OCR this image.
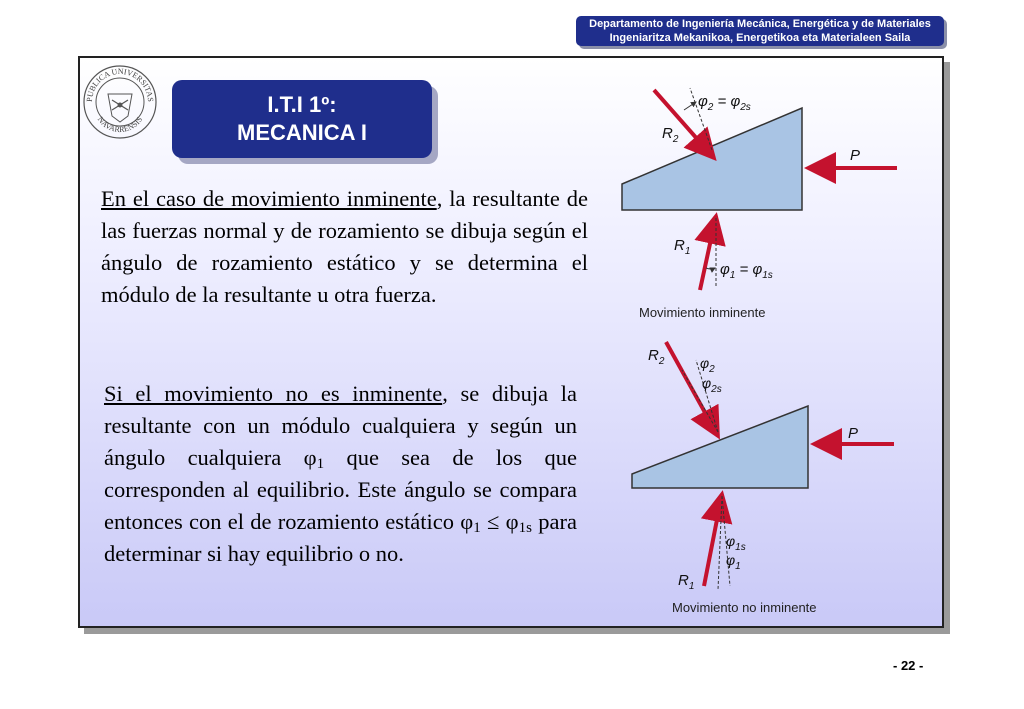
Departamento de Ingeniería Mecánica, Energética y de Materiales
Ingeniaritza Mekanikoa, Energetikoa eta Materialeen Saila
PUBLICA UNIVERSITAS
NAVARRENSIS
I.T.I 1º:
MECANICA I
En el caso de movimiento inminente, la resultante de las fuerzas normal y de rozamiento se dibuja según el ángulo de rozamiento estático y se determina el módulo de la resultante u otra fuerza.
Si el movimiento no es inminente, se dibuja la resultante con un módulo cualquiera y según un ángulo cualquiera $\varphi_1$ que sea de los que corresponden al equilibrio. Este ángulo se compara entonces con el de rozamiento estático $\varphi_1 \le \varphi_{1s}$ para determinar si hay equilibrio o no.
$R_2$
$\varphi_2 = \varphi_{2s}$
P
$R_1$
$\varphi_1 = \varphi_{1s}$
Movimiento inminente
$R_2$	$\varphi_2$
$\varphi_{2s}$
P
$\varphi_{1s}$
$\varphi_1$
$R_1$
Movimiento no inminente
- 22 -
